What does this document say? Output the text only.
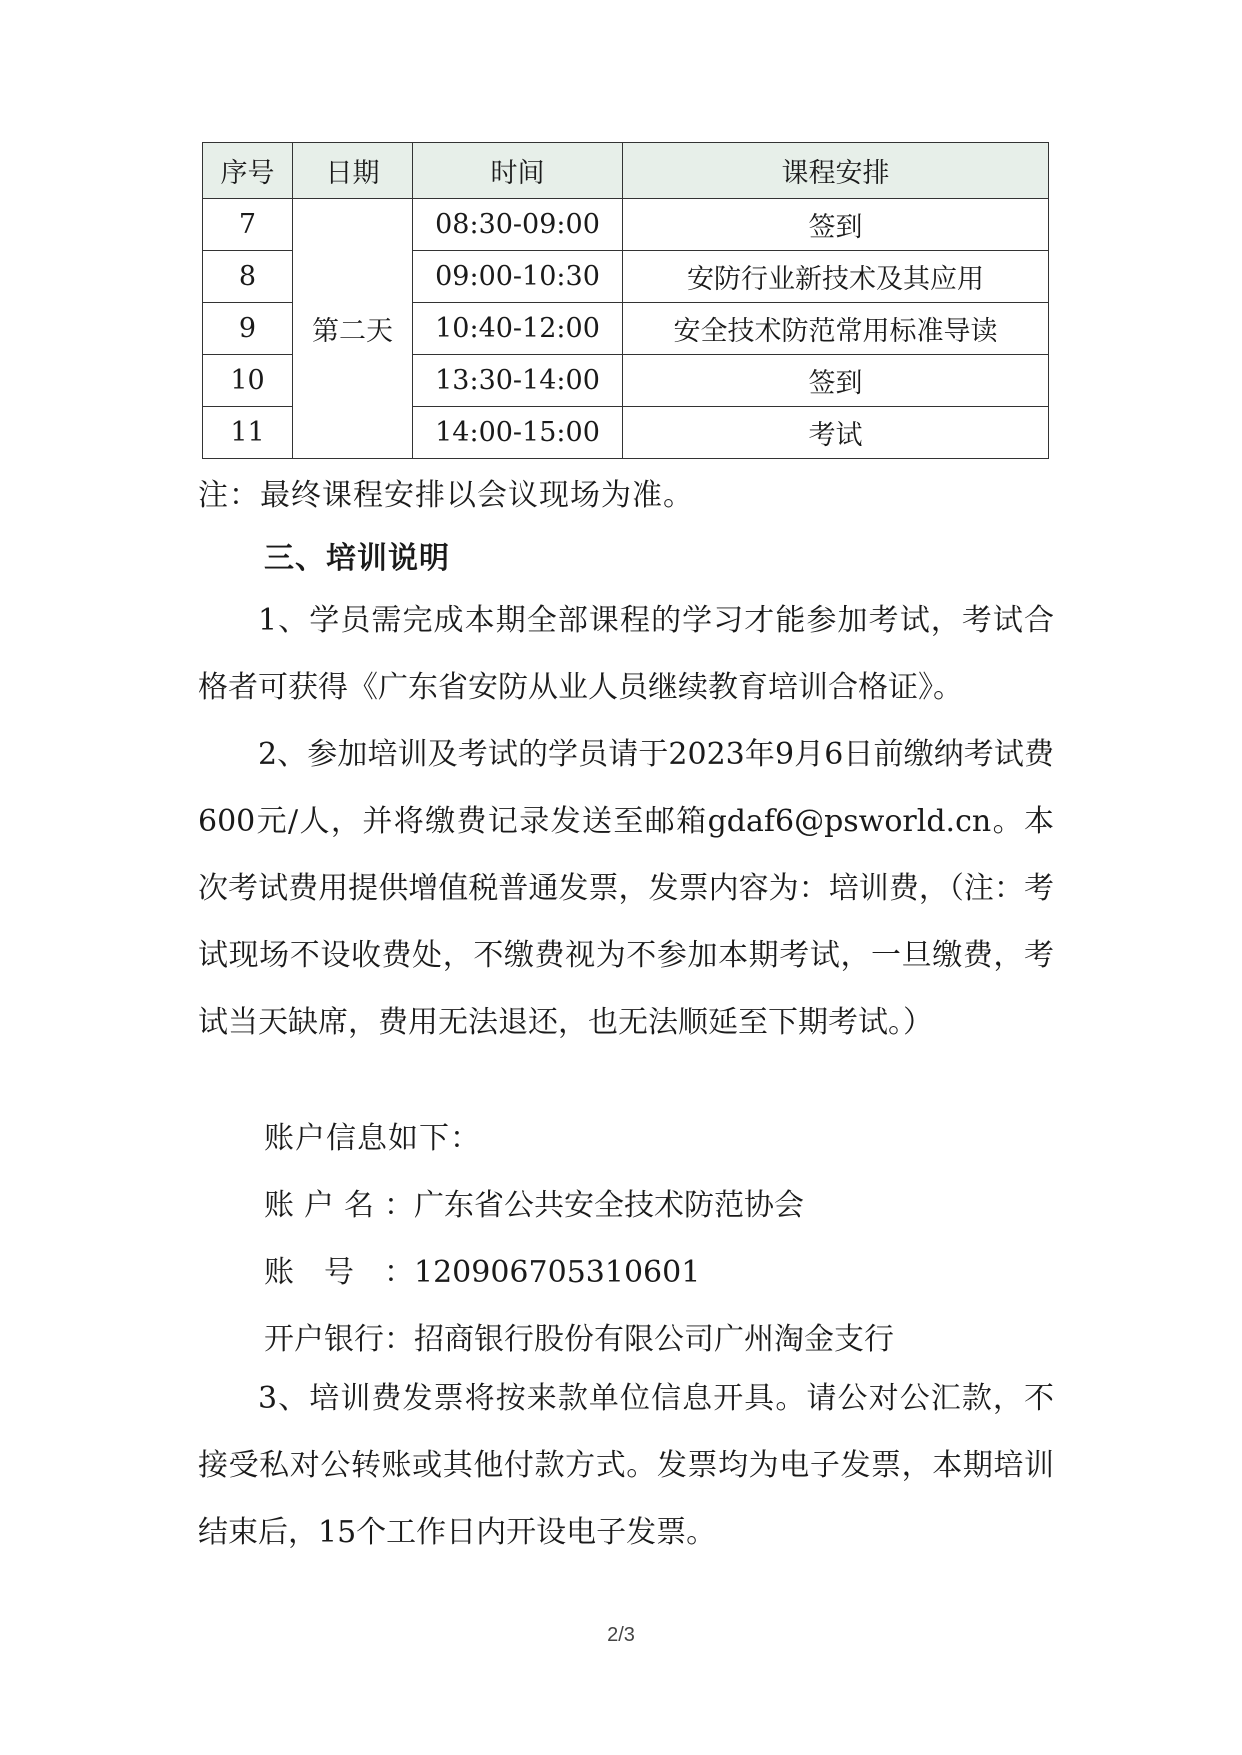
序号	日期	时间	课程安排
7	第二天	08:30-09:00	签到
8		09:00-10:30	安防行业新技术及其应用
9		10:40-12:00	安全技术防范常用标准导读
10		13:30-14:00	签到
11		14:00-15:00	考试
注：最终课程安排以会议现场为准。
三、培训说明
1、学员需完成本期全部课程的学习才能参加考试，考试合格者可获得《广东省安防从业人员继续教育培训合格证》。
2、参加培训及考试的学员请于2023年9月6日前缴纳考试费600元/人，并将缴费记录发送至邮箱gdaf6@psworld.cn。本次考试费用提供增值税普通发票，发票内容为：培训费，（注：考试现场不设收费处，不缴费视为不参加本期考试，一旦缴费，考试当天缺席，费用无法退还，也无法顺延至下期考试。）
账户信息如下：
账户名：广东省公共安全技术防范协会
账号：120906705310601
开户银行：招商银行股份有限公司广州淘金支行
3、培训费发票将按来款单位信息开具。请公对公汇款，不接受私对公转账或其他付款方式。发票均为电子发票，本期培训结束后，15个工作日内开设电子发票。
2/3
